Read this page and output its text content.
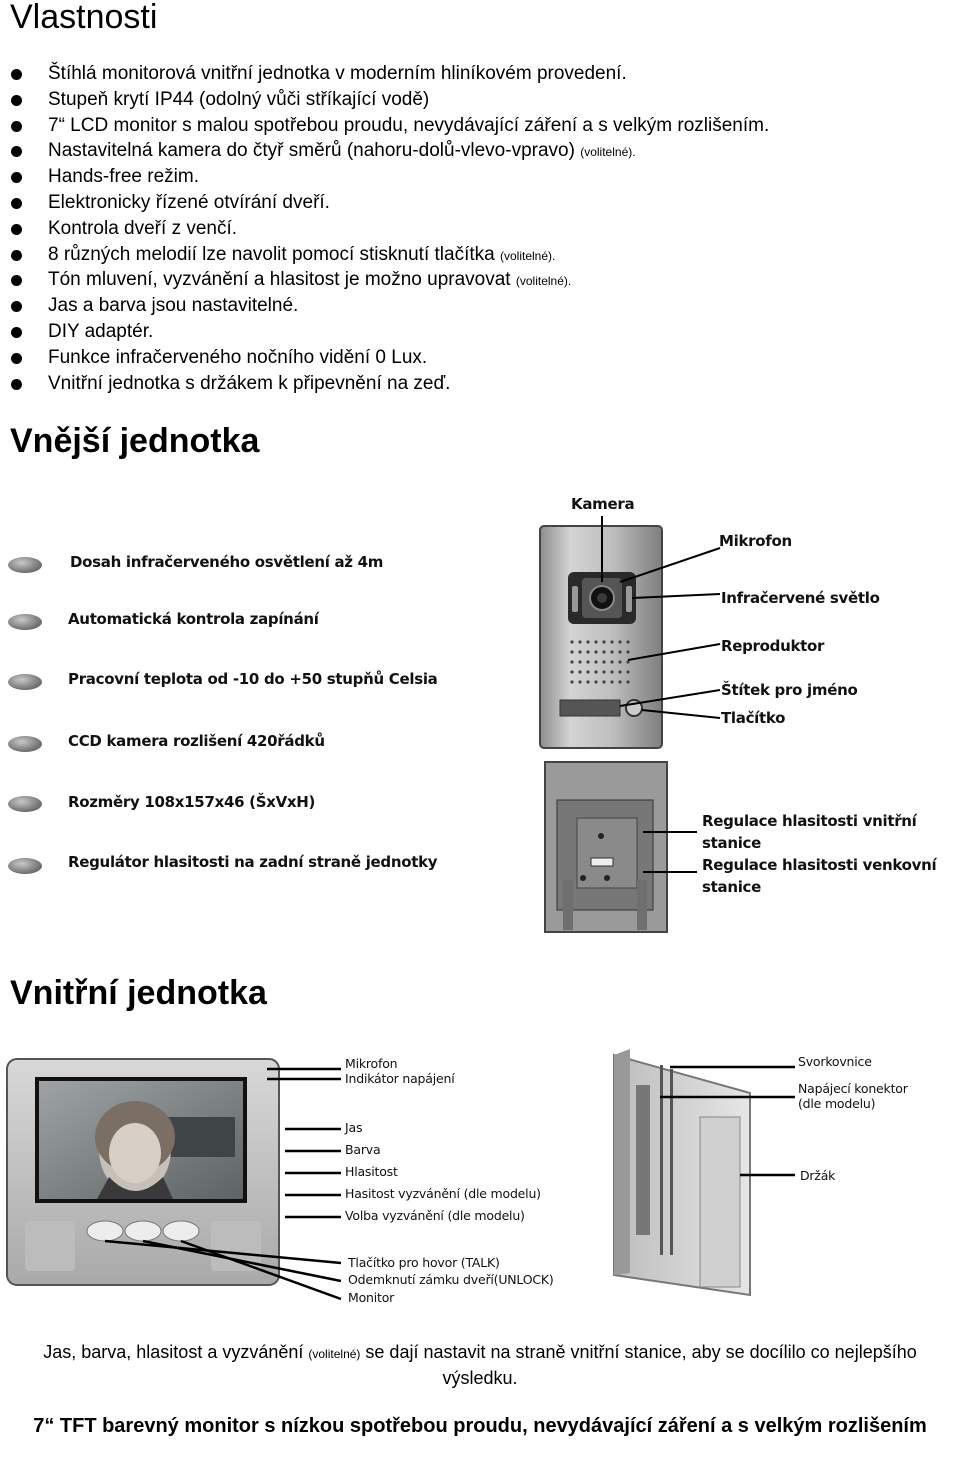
Vlastnosti
Štíhlá monitorová vnitřní jednotka v moderním hliníkovém provedení.
Stupeň krytí IP44 (odolný vůči stříkající vodě)
7“ LCD monitor s malou spotřebou proudu, nevydávající záření a s velkým rozlišením.
Nastavitelná kamera do čtyř směrů (nahoru-dolů-vlevo-vpravo) (volitelné).
Hands-free režim.
Elektronicky řízené otvírání dveří.
Kontrola dveří z venčí.
8 různých melodií lze navolit pomocí stisknutí tlačítka (volitelné).
Tón mluvení, vyzvánění a hlasitost je možno upravovat (volitelné).
Jas a barva jsou nastavitelné.
DIY adaptér.
Funkce infračerveného nočního vidění 0 Lux.
Vnitřní jednotka s držákem k připevnění na zeď.
Vnější jednotka
Dosah infračerveného osvětlení až 4m
Automatická kontrola zapínání
Pracovní teplota od -10 do +50 stupňů Celsia
CCD kamera rozlišení 420řádků
Rozměry 108x157x46 (ŠxVxH)
Regulátor hlasitosti na zadní straně jednotky
Kamera
Mikrofon
Infračervené světlo
Reproduktor
Štítek pro jméno
Tlačítko
Regulace hlasitosti vnitřní
stanice
Regulace hlasitosti venkovní
stanice
Vnitřní jednotka
Mikrofon
Indikátor napájení
Jas
Barva
Hlasitost
Hasitost vyzvánění (dle modelu)
Volba vyzvánění (dle modelu)
Tlačítko pro hovor (TALK)
Odemknutí zámku dveří(UNLOCK)
Monitor
Svorkovnice
Napájecí konektor
(dle modelu)
Držák
Jas, barva, hlasitost a vyzvánění (volitelné) se dají nastavit na straně vnitřní stanice, aby se docílilo co nejlepšího výsledku.
7“ TFT barevný monitor s nízkou spotřebou proudu, nevydávající záření a s velkým rozlišením
